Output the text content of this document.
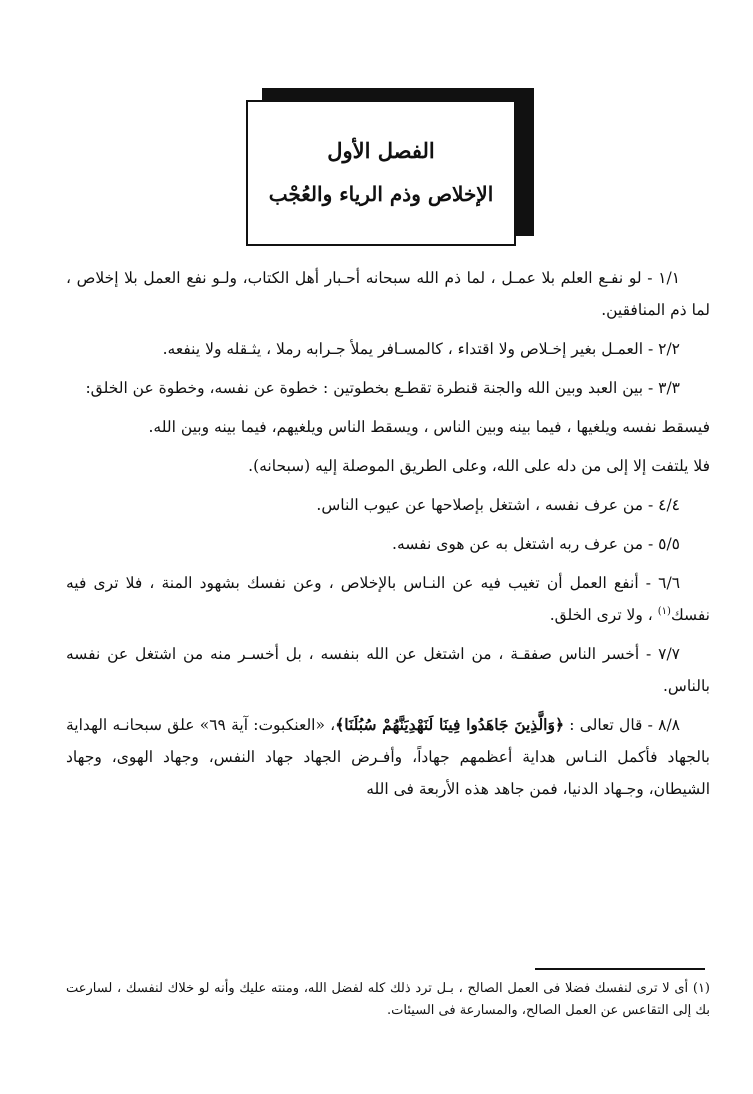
الفصل الأول
الإخلاص وذم الرياء والعُجْب

١/١ - لو نفـع العلم بلا عمـل ، لما ذم الله سبحانه أحـبار أهل الكتاب، ولـو نفع العمل بلا إخلاص ، لما ذم المنافقين.

٢/٢ - العمـل بغير إخـلاص ولا اقتداء ، كالمسـافر يملأ جـرابه رملا ، يثـقله ولا ينفعه.

٣/٣ - بين العبد وبين الله والجنة قنطرة تقطـع بخطوتين : خطوة عن نفسه، وخطوة عن الخلق:

فيسقط نفسه ويلغيها ، فيما بينه وبين الناس ، ويسقط الناس ويلغيهم، فيما بينه وبين الله.

فلا يلتفت إلا إلى من دله على الله، وعلى الطريق الموصلة إليه (سبحانه).

٤/٤ - من عرف نفسه ، اشتغل بإصلاحها عن عيوب الناس.

٥/٥ - من عرف ربه اشتغل به عن هوى نفسه.

٦/٦ - أنفع العمل أن تغيب فيه عن النـاس بالإخلاص ، وعن نفسك بشهود المنة ، فلا ترى فيه نفسك$^{(١)}$ ، ولا ترى الخلق.

٧/٧ - أخسر الناس صفقـة ، من اشتغل عن الله بنفسه ، بل أخسـر منه من اشتغل عن نفسه بالناس.

٨/٨ - قال تعالى : ﴿وَالَّذِينَ جَاهَدُوا فِينَا لَنَهْدِيَنَّهُمْ سُبُلَنَا﴾، «العنكبوت: آية ٦٩» علق سبحانـه الهداية بالجهاد فأكمل النـاس هداية أعظمهم جهاداً، وأفـرض الجهاد جهاد النفس، وجهاد الهوى، وجهاد الشيطان، وجـهاد الدنيا، فمن جاهد هذه الأربعة فى الله

(١) أى لا ترى لنفسك فضلا فى العمل الصالح ، بـل ترد ذلك كله لفضل الله، ومنته عليك وأنه لو خلاك لنفسك ، لسارعت بك إلى التقاعس عن العمل الصالح، والمسارعة فى السيئات.
